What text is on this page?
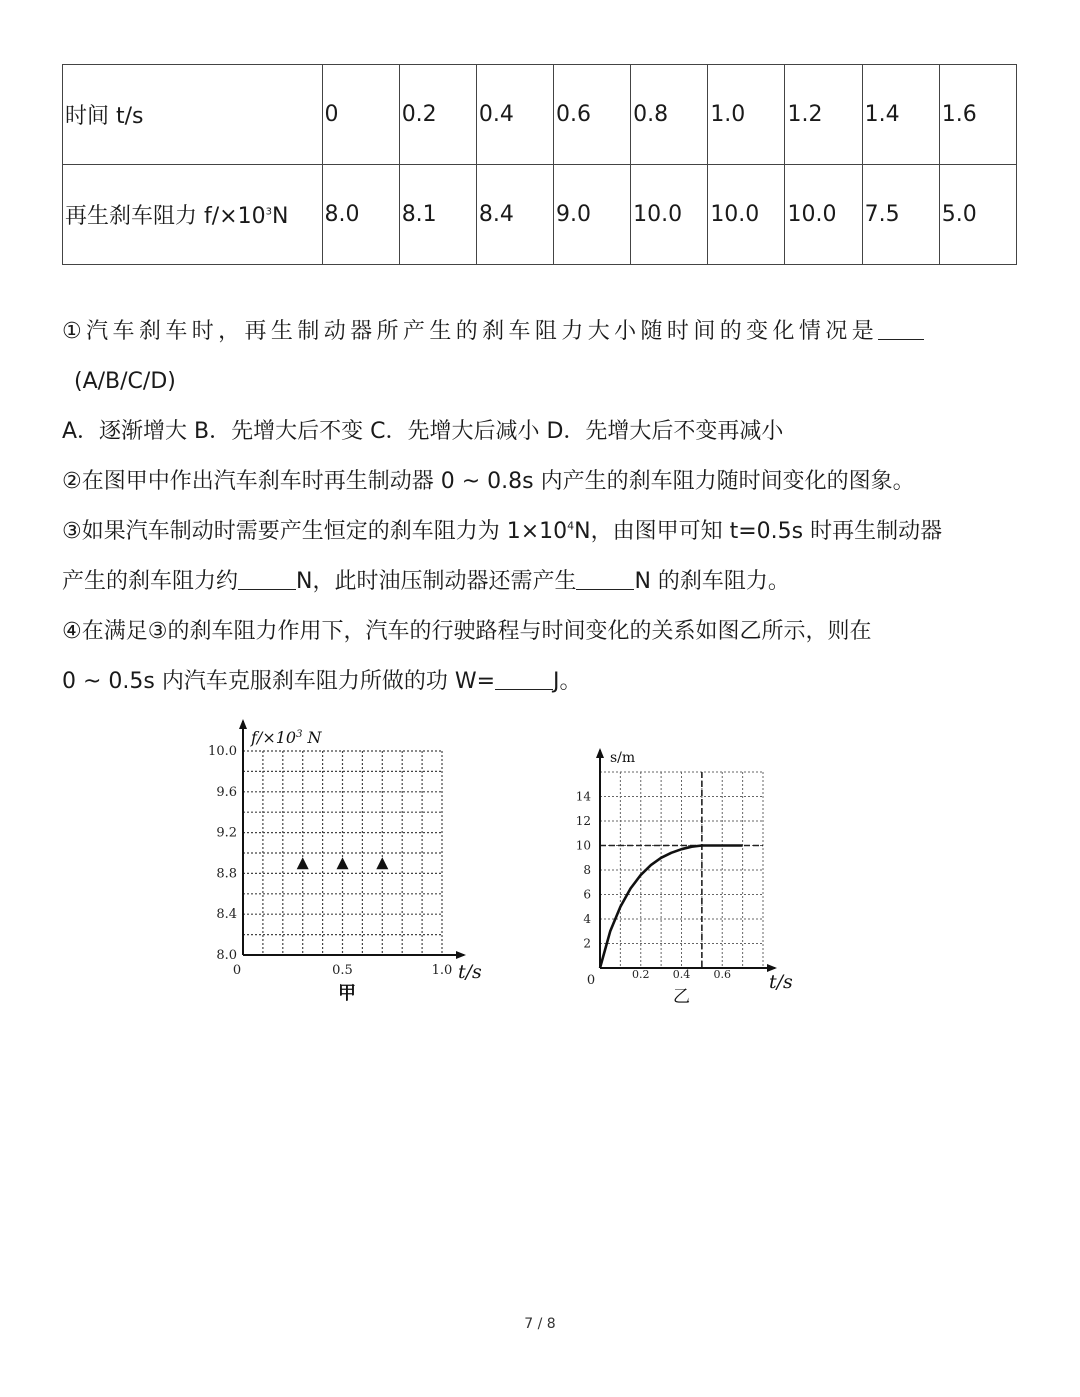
时间 t/s	0	0.2	0.4	0.6	0.8	1.0	1.2	1.4	1.6
再生刹车阻力 $f/\times 10^3N$	8.0	8.1	8.4	9.0	10.0	10.0	10.0	7.5	5.0
①汽车刹车时，再生制动器所产生的刹车阻力大小随时间的变化情况是
(A/B/C/D)
A．逐渐增大 B．先增大后不变 C．先增大后减小 D．先增大后不变再减小
②在图甲中作出汽车刹车时再生制动器 0 ~ 0.8s 内产生的刹车阻力随时间变化的图象。
③如果汽车制动时需要产生恒定的刹车阻力为 $1\times 10^4N$，由图甲可知 t=0.5s 时再生制动器
产生的刹车阻力约	N，此时油压制动器还需产生	N 的刹车阻力。
④在满足③的刹车阻力作用下，汽车的行驶路程与时间变化的关系如图乙所示，则在
0 ~ 0.5s 内汽车克服刹车阻力所做的功 W=	J。
8.0
8.4
8.8
9.2
9.6
10.0
0	0.5	1.0
$f/\times 10^3$ N
t/s
甲
2
4
6
8
10
12
14
0	0.2 0.4 0.6
s/m
t/s
乙
7 / 8
